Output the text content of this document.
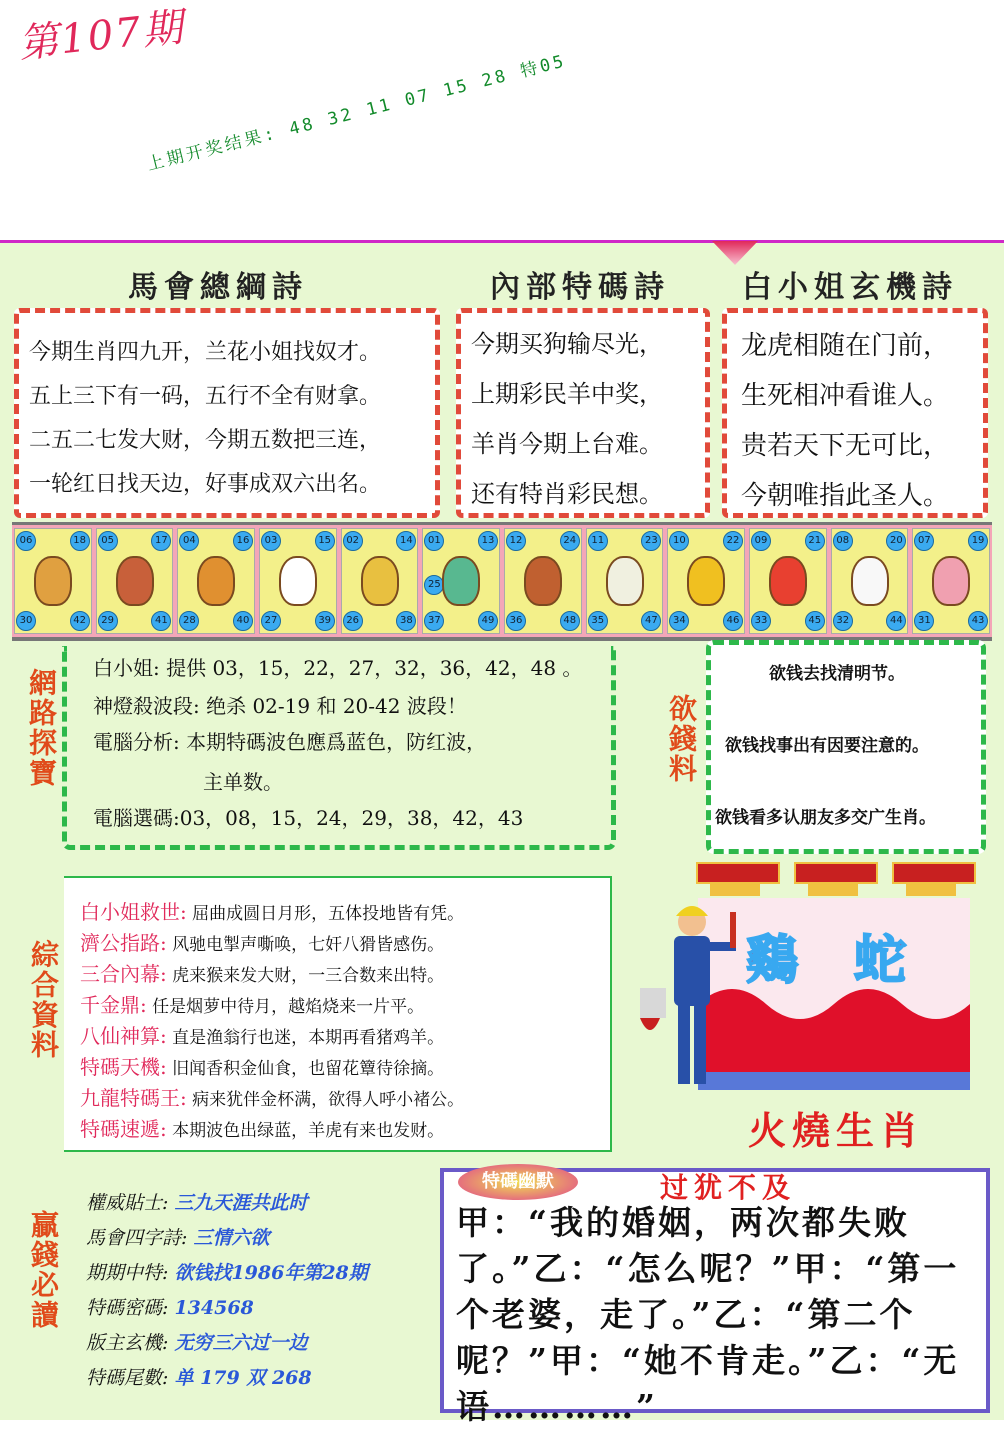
第107期
上期开奖结果: 48 32 11 07 15 28 特05
馬會總綱詩	內部特碼詩 白小姐玄機詩

今期生肖四九开，兰花小姐找奴才。

五上三下有一码，五行不全有财拿。

二五二七发大财，今期五数把三连，

一轮红日找天边，好事成双六出名。

今期买狗输尽光，

上期彩民羊中奖，

羊肖今期上台难。

还有特肖彩民想。

龙虎相随在门前，

生死相冲看谁人。

贵若天下无可比，

今朝唯指此圣人。

06	18
30	42
05	17
29	41
04	16
28	40
03	15
27	39
02	14
26	38
01	13
37	49
25
12	24
36	48
11	23
35	47
10	22
34	46
09	21
33	45
08	20
32	44
07	19
31	43
網路探寶 白小姐: 提供 03，15，22，27，32，36，42，48 。

神燈殺波段: 绝杀 02-19 和 20-42 波段！

電腦分析: 本期特碼波色應爲蓝色，防红波，

主单数。

電腦選碼:03，08，15，24，29，38，42，43

欲錢料

欲钱去找清明节。

欲钱找事出有因要注意的。

欲钱看多认朋友多交广生肖。

鷄 蛇
火燒生肖
綜合資料

白小姐救世: 屈曲成圆日月形，五体投地皆有凭。

濟公指路: 风驰电掣声嘶唤，七奸八猾皆感伤。

三合內幕: 虎来猴来发大财，一三合数来出特。

千金鼎: 任是烟萝中待月，越焰烧来一片平。

八仙神算: 直是渔翁行也迷，本期再看猪鸡羊。

特碼天機: 旧闻香积金仙食，也留花簟待徐摘。

九龍特碼王: 病来犹伴金杯满，欲得人呼小褚公。

特碼速遞: 本期波色出绿蓝，羊虎有来也发财。

贏錢必讀

權威貼士: 三九天涯共此时

馬會四字詩: 三情六欲

期期中特: 欲钱找1986年第28期

特碼密碼: 134568

版主玄機: 无穷三六过一边

特碼尾數: 单 179 双 268

特碼幽默	过犹不及
甲：“我的婚姻，两次都失败了。”乙：“怎么呢？”甲：“第一个老婆，走了。”乙：“第二个呢？”甲：“她不肯走。”乙：“无语…………”
